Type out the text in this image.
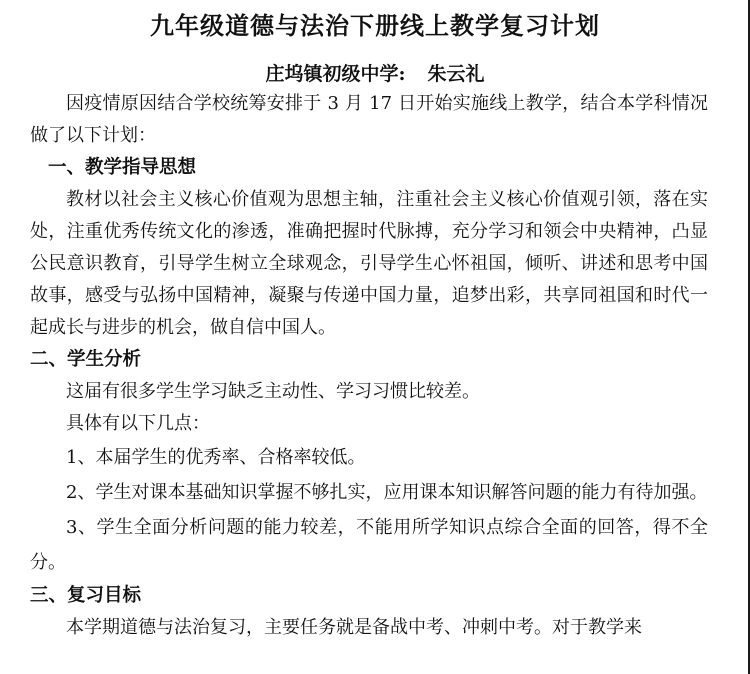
九年级道德与法治下册线上教学复习计划
庄坞镇初级中学: 朱云礼

因疫情原因结合学校统筹安排于 3 月 17 日开始实施线上教学，结合本学科情况做了以下计划：

一、教学指导思想

教材以社会主义核心价值观为思想主轴，注重社会主义核心价值观引领，落在实处，注重优秀传统文化的渗透，准确把握时代脉搏，充分学习和领会中央精神，凸显公民意识教育，引导学生树立全球观念，引导学生心怀祖国，倾听、讲述和思考中国故事，感受与弘扬中国精神，凝聚与传递中国力量，追梦出彩，共享同祖国和时代一起成长与进步的机会，做自信中国人。

二、学生分析

这届有很多学生学习缺乏主动性、学习习惯比较差。

具体有以下几点：

1、本届学生的优秀率、合格率较低。

2、学生对课本基础知识掌握不够扎实，应用课本知识解答问题的能力有待加强。

3、学生全面分析问题的能力较差，不能用所学知识点综合全面的回答，得不全分。

三、复习目标

本学期道德与法治复习，主要任务就是备战中考、冲刺中考。对于教学来
